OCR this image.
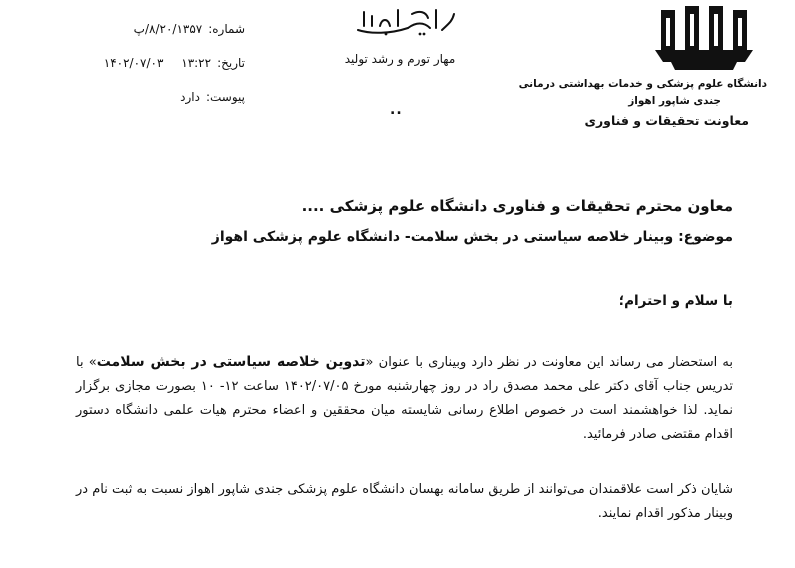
دانشگاه علوم پزشکی و خدمات بهداشتی درمانی
جندی شاپور اهواز
معاونت تحقیقات و فناوری
مهار تورم و رشد تولید
..
شماره:
۸/۲۰/۱۳۵۷/پ
تاریخ:
۱۳:۲۲ ۱۴۰۲/۰۷/۰۳
پیوست:
دارد
معاون محترم تحقیقات و فناوری دانشگاه علوم پزشکی ....
موضوع: وبینار خلاصه سیاستی در بخش سلامت- دانشگاه علوم پزشکی اهواز
با سلام و احترام؛
به استحضار می رساند این معاونت در نظر دارد وبیناری با عنوان «تدوین خلاصه سیاستی در بخش سلامت» با تدریس جناب آقای دکتر علی محمد مصدق راد در روز چهارشنبه مورخ ۱۴۰۲/۰۷/۰۵ ساعت ۱۲- ۱۰ بصورت مجازی برگزار نماید. لذا خواهشمند است در خصوص اطلاع رسانی شایسته میان محققین و اعضاء محترم هیات علمی دانشگاه دستور اقدام مقتضی صادر فرمائید.
شایان ذکر است علاقمندان می‌توانند از طریق سامانه بهسان دانشگاه علوم پزشکی جندی شاپور اهواز نسبت به ثبت نام در وبینار مذکور اقدام نمایند.
